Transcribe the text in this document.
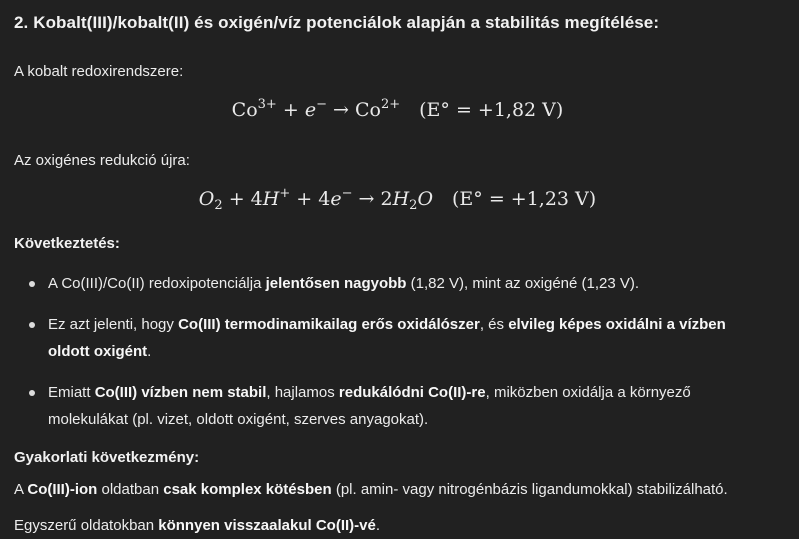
2. Kobalt(III)/kobalt(II) és oxigén/víz potenciálok alapján a stabilitás megítélése:

A kobalt redoxirendszere:

$Co^{3+} + e^- \to Co^{2+}$ (E° = +1,82 V)

Az oxigénes redukció újra:

$O_2 + 4H^+ + 4e^- \to 2H_2O$ (E° = +1,23 V)

Következtetés:

A Co(III)/Co(II) redoxipotenciálja jelentősen nagyobb (1,82 V), mint az oxigéné (1,23 V).
Ez azt jelenti, hogy Co(III) termodinamikailag erős oxidálószer, és elvileg képes oxidálni a vízben oldott oxigént.
Emiatt Co(III) vízben nem stabil, hajlamos redukálódni Co(II)-re, miközben oxidálja a környező molekulákat (pl. vizet, oldott oxigént, szerves anyagokat).

Gyakorlati következmény:

A Co(III)-ion oldatban csak komplex kötésben (pl. amin- vagy nitrogénbázis ligandumokkal) stabilizálható.

Egyszerű oldatokban könnyen visszaalakul Co(II)-vé.
